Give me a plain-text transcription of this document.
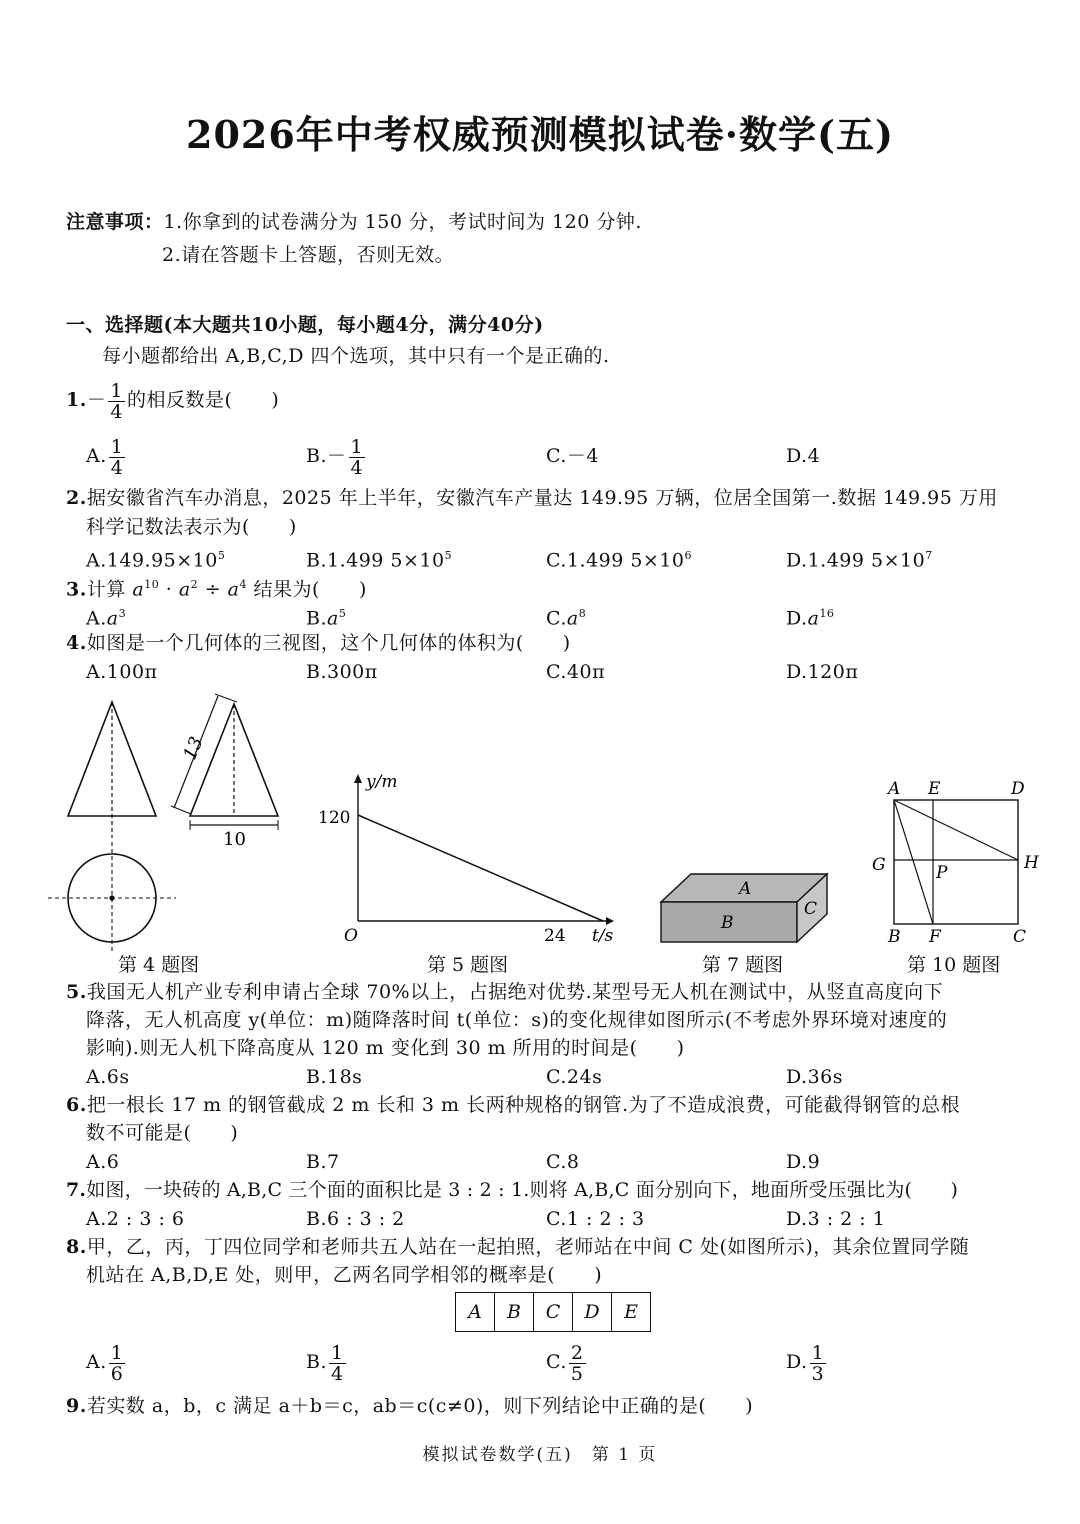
2026年中考权威预测模拟试卷·数学(五)
注意事项：1.你拿到的试卷满分为 150 分，考试时间为 120 分钟.
2.请在答题卡上答题，否则无效。
一、选择题(本大题共10小题，每小题4分，满分40分)
每小题都给出 A,B,C,D 四个选项，其中只有一个是正确的.
$1.- \frac{1}{4}$ 的相反数是(　　)
A. $\frac{1}{4}$	$B.- \frac{1}{4}$	C.－4	D.4
2.据安徽省汽车办消息，2025 年上半年，安徽汽车产量达 149.95 万辆，位居全国第一.数据 149.95 万用
科学记数法表示为(　　)
$A.149.95\times 10^5$	B.1.499 $5\times 10^5$	C.1.499 $5\times 10^6$	D.1.499 $5\times 10^7$
3.计算 $a^{10} \cdot a^2 \div a^4$ 结果为(　　)
$A.a^3$	$B.a^5$	$C.a^8$	$D.a^{16}$
4.如图是一个几何体的三视图，这个几何体的体积为(　　)
A.100π	B.300π	C.40π	D.120π
13
10
第 4 题图
y/m
t/s
O
120
24
第 5 题图
A
B
C
第 7 题图
A E	D
G	H
P
B F	C
第 10 题图
5.我国无人机产业专利申请占全球 70%以上，占据绝对优势.某型号无人机在测试中，从竖直高度向下
降落，无人机高度 y(单位：m)随降落时间 t(单位：s)的变化规律如图所示(不考虑外界环境对速度的
影响).则无人机下降高度从 120 m 变化到 30 m 所用的时间是(　　)
A.6s	B.18s	C.24s	D.36s
6.把一根长 17 m 的钢管截成 2 m 长和 3 m 长两种规格的钢管.为了不造成浪费，可能截得钢管的总根
数不可能是(　　)
A.6	B.7	C.8	D.9
7.如图，一块砖的 A,B,C 三个面的面积比是 3 : 2 : 1.则将 A,B,C 面分别向下，地面所受压强比为(　　)
A.2 : 3 : 6	B.6 : 3 : 2	C.1 : 2 : 3	D.3 : 2 : 1
8.甲，乙，丙，丁四位同学和老师共五人站在一起拍照，老师站在中间 C 处(如图所示)，其余位置同学随
机站在 A,B,D,E 处，则甲，乙两名同学相邻的概率是(　　)
A	B	C	D	E
A. $\frac{1}{6}$	B. $\frac{1}{4}$	C. $\frac{2}{5}$	D. $\frac{1}{3}$
9.若实数 a，b，c 满足 a＋b＝c，ab＝c(c≠0)，则下列结论中正确的是(　　)
模拟试卷数学(五)　第 1 页
